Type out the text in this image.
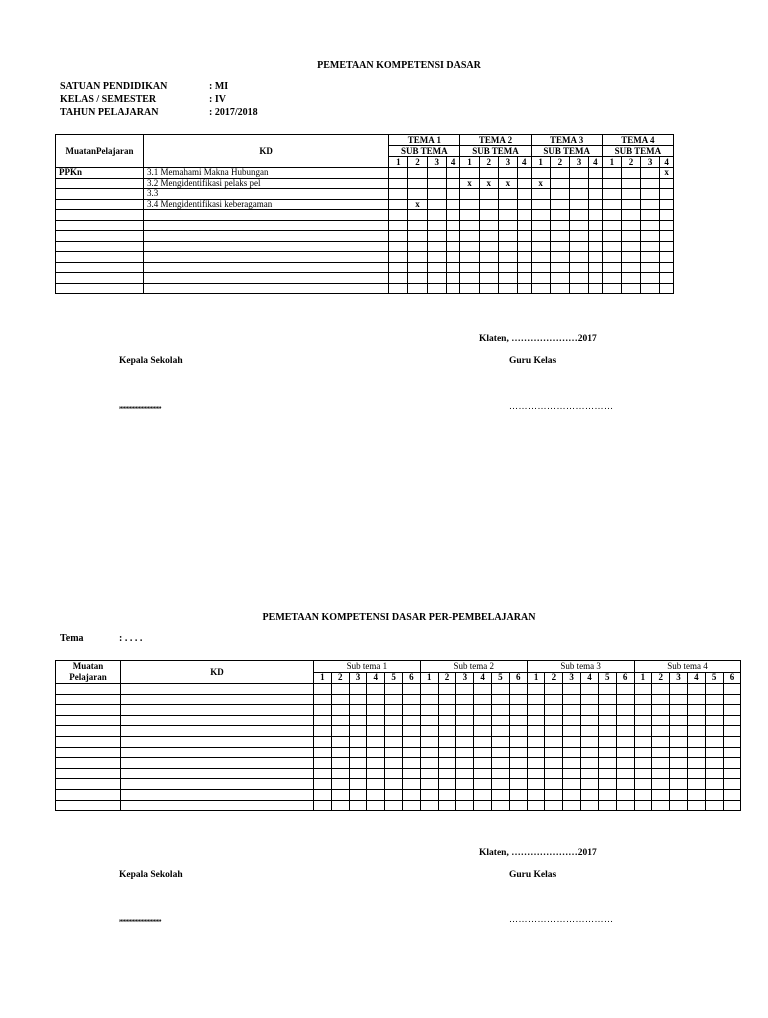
PEMETAAN KOMPETENSI DASAR
SATUAN PENDIDIKAN	: MI
KELAS / SEMESTER	: IV
TAHUN PELAJARAN	: 2017/2018
MuatanPelajaran	KD	TEMA 1				TEMA 2				TEMA 3				TEMA 4			
		SUB TEMA				SUB TEMA				SUB TEMA				SUB TEMA			
		1	2	3	4	1	2	3	4	1	2	3	4	1	2	3	4
PPKn	3.1 Memahami Makna Hubungan																x
	3.2 Mengidentifikasi pelaks pel					x	x	x		x							
	3.3																
	3.4 Mengidentifikasi keberagaman		x														

Klaten, …………………2017
Kepala Sekolah	Guru Kelas
,,,,,,,,,,,,,,,,,,,,,,,,,,,,	……………………………
PEMETAAN KOMPETENSI DASAR PER-PEMBELAJARAN
Tema	: . . . .
Muatan Pelajaran	KD	Sub tema 1						Sub tema 2						Sub tema 3						Sub tema 4					
		1	2	3	4	5	6	1	2	3	4	5	6	1	2	3	4	5	6	1	2	3	4	5	6

Klaten, …………………2017
Kepala Sekolah	Guru Kelas
,,,,,,,,,,,,,,,,,,,,,,,,,,,,	……………………………
